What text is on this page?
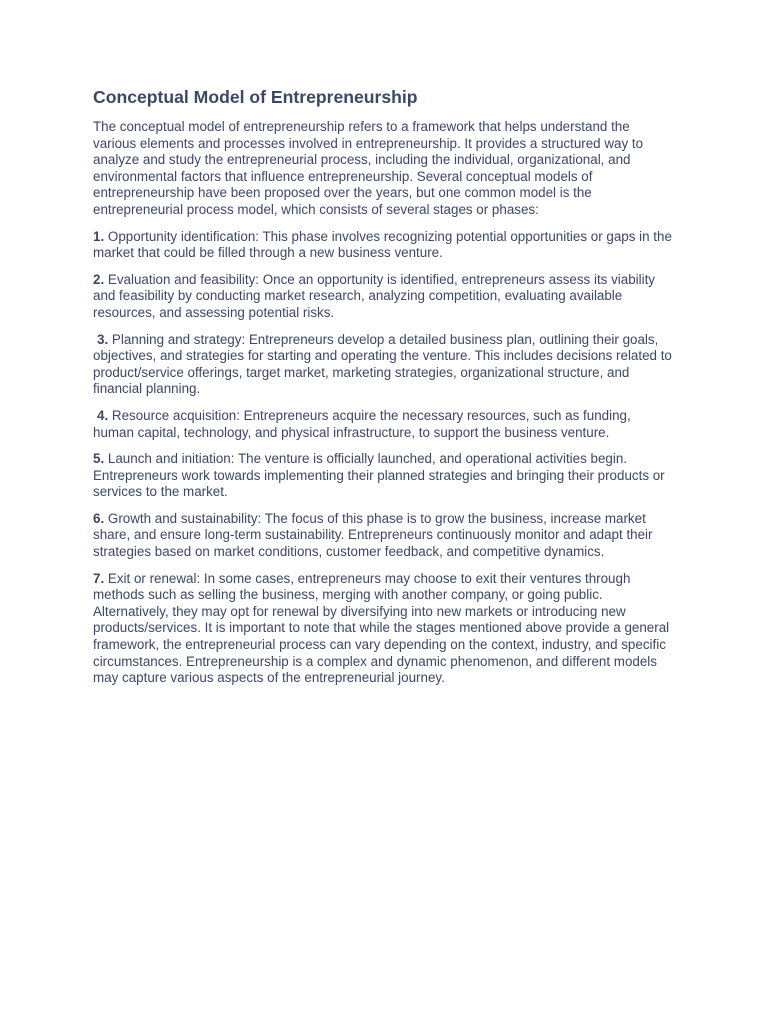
Conceptual Model of Entrepreneurship

The conceptual model of entrepreneurship refers to a framework that helps understand the various elements and processes involved in entrepreneurship. It provides a structured way to analyze and study the entrepreneurial process, including the individual, organizational, and environmental factors that influence entrepreneurship. Several conceptual models of entrepreneurship have been proposed over the years, but one common model is the entrepreneurial process model, which consists of several stages or phases:

1. Opportunity identification: This phase involves recognizing potential opportunities or gaps in the market that could be filled through a new business venture.

2. Evaluation and feasibility: Once an opportunity is identified, entrepreneurs assess its viability and feasibility by conducting market research, analyzing competition, evaluating available resources, and assessing potential risks.

3. Planning and strategy: Entrepreneurs develop a detailed business plan, outlining their goals, objectives, and strategies for starting and operating the venture. This includes decisions related to product/service offerings, target market, marketing strategies, organizational structure, and financial planning.

4. Resource acquisition: Entrepreneurs acquire the necessary resources, such as funding, human capital, technology, and physical infrastructure, to support the business venture.

5. Launch and initiation: The venture is officially launched, and operational activities begin. Entrepreneurs work towards implementing their planned strategies and bringing their products or services to the market.

6. Growth and sustainability: The focus of this phase is to grow the business, increase market share, and ensure long-term sustainability. Entrepreneurs continuously monitor and adapt their strategies based on market conditions, customer feedback, and competitive dynamics.

7. Exit or renewal: In some cases, entrepreneurs may choose to exit their ventures through methods such as selling the business, merging with another company, or going public. Alternatively, they may opt for renewal by diversifying into new markets or introducing new products/services. It is important to note that while the stages mentioned above provide a general framework, the entrepreneurial process can vary depending on the context, industry, and specific circumstances. Entrepreneurship is a complex and dynamic phenomenon, and different models may capture various aspects of the entrepreneurial journey.
